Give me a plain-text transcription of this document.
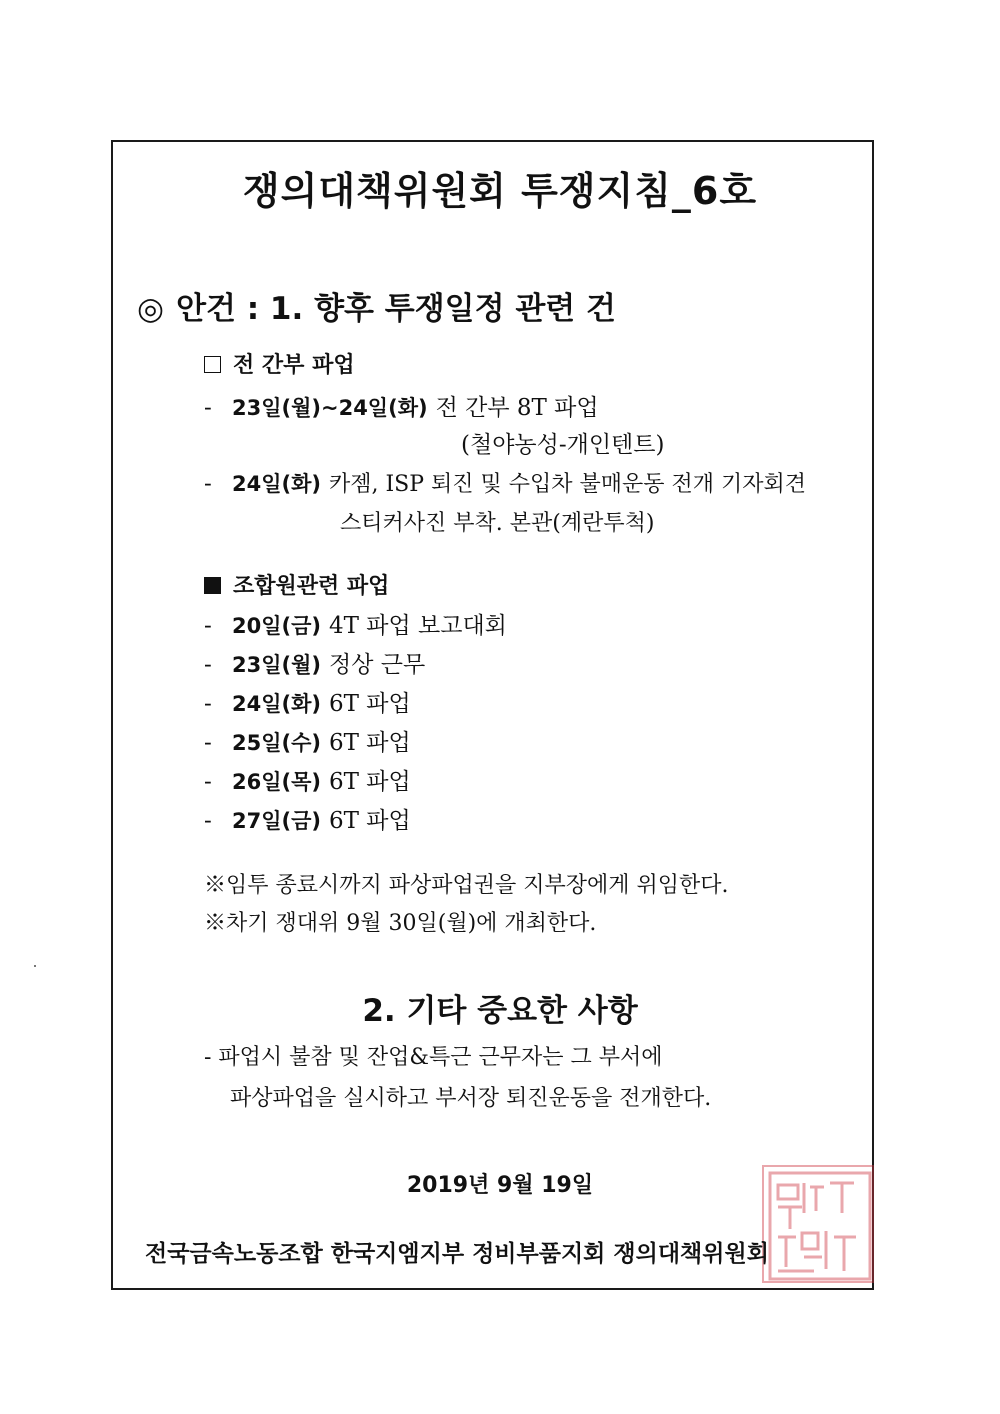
쟁의대책위원회 투쟁지침_6호
◎ 안건 : 1. 향후 투쟁일정 관련 건
전 간부 파업
- 23일(월)~24일(화) 전 간부 8T 파업
(철야농성-개인텐트)
- 24일(화) 카젬, ISP 퇴진 및 수입차 불매운동 전개 기자회견
스티커사진 부착. 본관(계란투척)
조합원관련 파업
- 20일(금) 4T 파업 보고대회
- 23일(월) 정상 근무
- 24일(화) 6T 파업
- 25일(수) 6T 파업
- 26일(목) 6T 파업
- 27일(금) 6T 파업
※임투 종료시까지 파상파업권을 지부장에게 위임한다.
※차기 쟁대위 9월 30일(월)에 개최한다.
2. 기타 중요한 사항
- 파업시 불참 및 잔업&특근 근무자는 그 부서에
파상파업을 실시하고 부서장 퇴진운동을 전개한다.
2019년 9월 19일
전국금속노동조합 한국지엠지부 정비부품지회 쟁의대책위원회
